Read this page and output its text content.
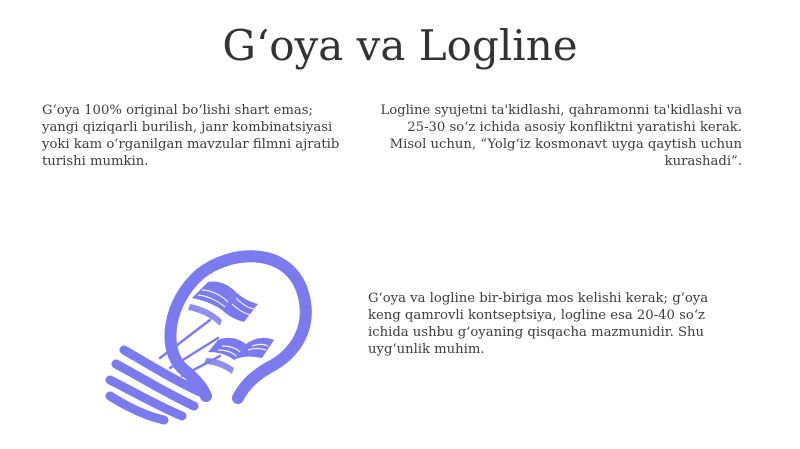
G‘oya va Logline

G‘oya 100% original bo‘lishi shart emas; yangi qiziqarli burilish, janr kombinatsiyasi yoki kam o‘rganilgan mavzular filmni ajratib turishi mumkin.

Logline syujetni ta'kidlashi, qahramonni ta'kidlashi va 25-30 so‘z ichida asosiy konfliktni yaratishi kerak. Misol uchun, “Yolg‘iz kosmonavt uyga qaytish uchun kurashadi”.

G‘oya va logline bir-biriga mos kelishi kerak; g‘oya keng qamrovli kontseptsiya, logline esa 20-40 so‘z ichida ushbu g‘oyaning qisqacha mazmunidir. Shu uyg‘unlik muhim.
